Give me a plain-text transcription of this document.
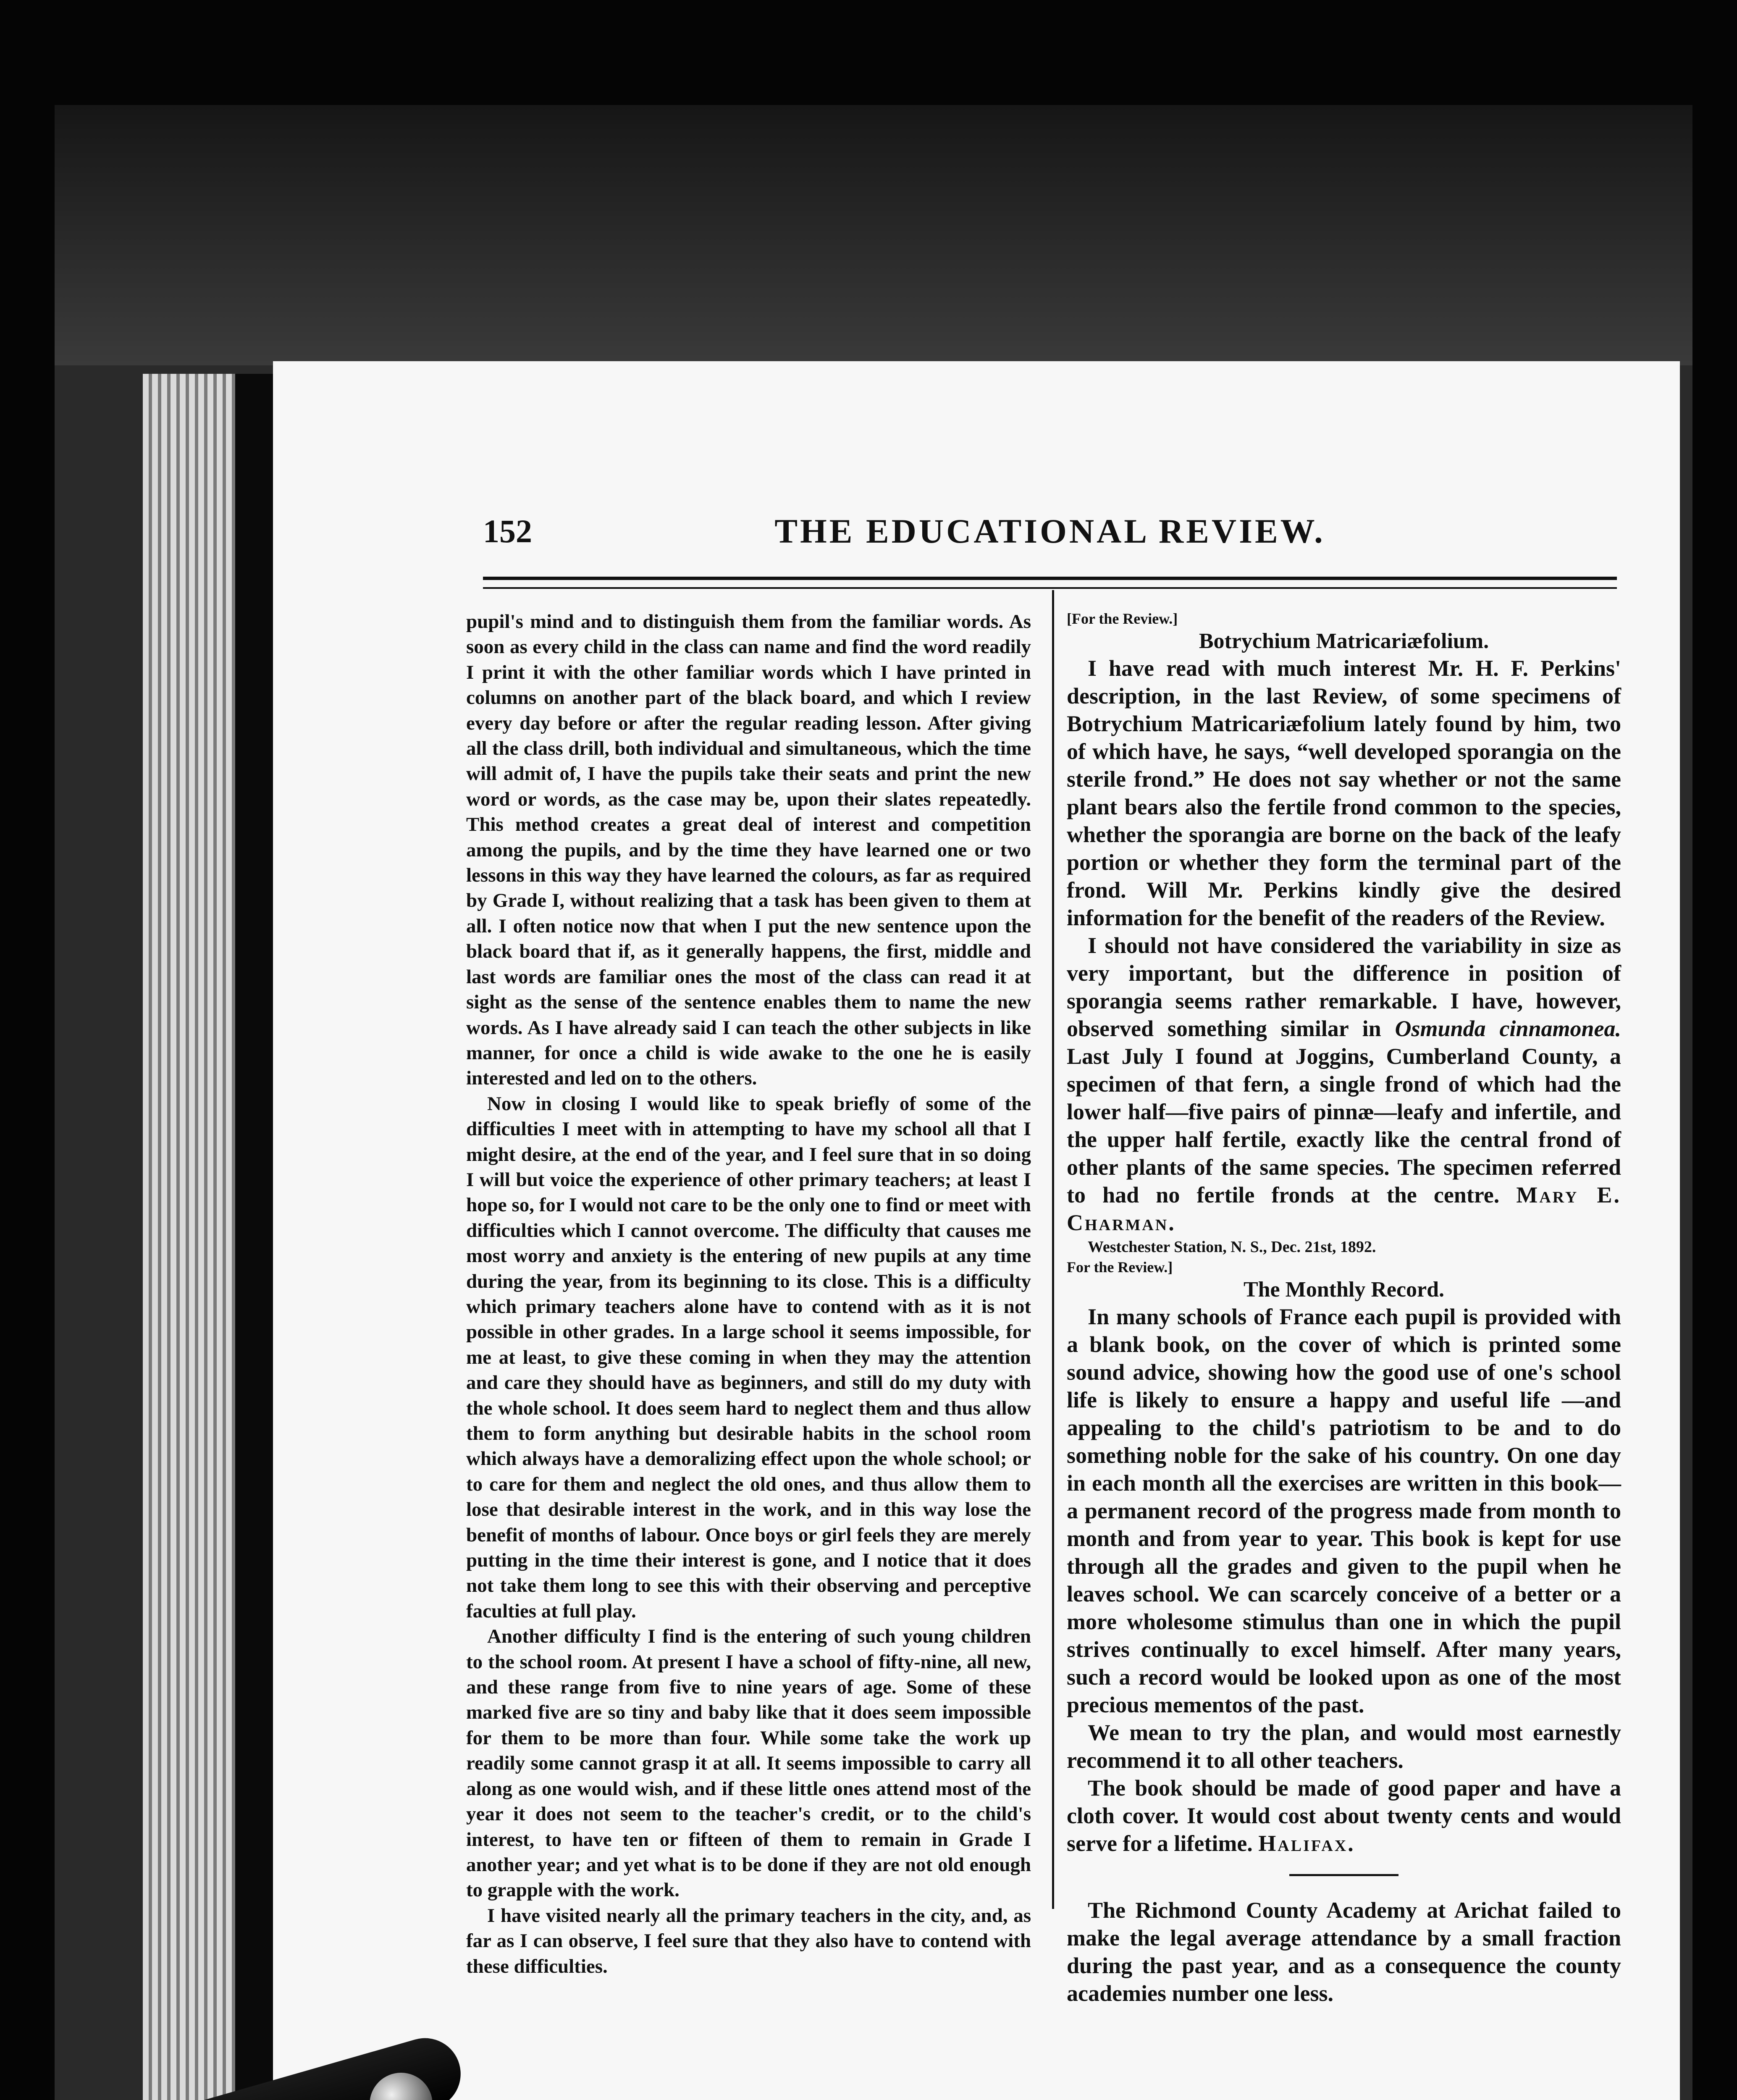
152	THE EDUCATIONAL REVIEW.

pupil's mind and to distinguish them from the familiar words. As soon as every child in the class can name and find the word readily I print it with the other familiar words which I have printed in columns on another part of the black board, and which I review every day before or after the regular reading lesson. After giving all the class drill, both individual and simultaneous, which the time will admit of, I have the pupils take their seats and print the new word or words, as the case may be, upon their slates repeatedly. This method creates a great deal of interest and competition among the pupils, and by the time they have learned one or two lessons in this way they have learned the colours, as far as required by Grade I, without realizing that a task has been given to them at all. I often notice now that when I put the new sentence upon the black board that if, as it generally happens, the first, middle and last words are familiar ones the most of the class can read it at sight as the sense of the sentence enables them to name the new words. As I have already said I can teach the other subjects in like manner, for once a child is wide awake to the one he is easily interested and led on to the others.

Now in closing I would like to speak briefly of some of the difficulties I meet with in attempting to have my school all that I might desire, at the end of the year, and I feel sure that in so doing I will but voice the experience of other primary teachers; at least I hope so, for I would not care to be the only one to find or meet with difficulties which I cannot overcome. The difficulty that causes me most worry and anxiety is the entering of new pupils at any time during the year, from its beginning to its close. This is a difficulty which primary teachers alone have to contend with as it is not possible in other grades. In a large school it seems impossible, for me at least, to give these coming in when they may the attention and care they should have as beginners, and still do my duty with the whole school. It does seem hard to neglect them and thus allow them to form anything but desirable habits in the school room which always have a demoralizing effect upon the whole school; or to care for them and neglect the old ones, and thus allow them to lose that desirable interest in the work, and in this way lose the benefit of months of labour. Once boys or girl feels they are merely putting in the time their interest is gone, and I notice that it does not take them long to see this with their observing and perceptive faculties at full play.

Another difficulty I find is the entering of such young children to the school room. At present I have a school of fifty-nine, all new, and these range from five to nine years of age. Some of these marked five are so tiny and baby like that it does seem impossible for them to be more than four. While some take the work up readily some cannot grasp it at all. It seems impossible to carry all along as one would wish, and if these little ones attend most of the year it does not seem to the teacher's credit, or to the child's interest, to have ten or fifteen of them to remain in Grade I another year; and yet what is to be done if they are not old enough to grapple with the work.

I have visited nearly all the primary teachers in the city, and, as far as I can observe, I feel sure that they also have to contend with these difficulties.

[For the Review.]

Botrychium Matricariæfolium.

I have read with much interest Mr. H. F. Perkins' description, in the last Review, of some specimens of Botrychium Matricariæfolium lately found by him, two of which have, he says, “well developed sporangia on the sterile frond.” He does not say whether or not the same plant bears also the fertile frond common to the species, whether the sporangia are borne on the back of the leafy portion or whether they form the terminal part of the frond. Will Mr. Perkins kindly give the desired information for the benefit of the readers of the Review.

I should not have considered the variability in size as very important, but the difference in position of sporangia seems rather remarkable. I have, however, observed something similar in Osmunda cinnamonea. Last July I found at Joggins, Cumberland County, a specimen of that fern, a single frond of which had the lower half—five pairs of pinnæ—leafy and infertile, and the upper half fertile, exactly like the central frond of other plants of the same species. The specimen referred to had no fertile fronds at the centre. Mary E. Charman.

Westchester Station, N. S., Dec. 21st, 1892.

For the Review.]

The Monthly Record.

In many schools of France each pupil is provided with a blank book, on the cover of which is printed some sound advice, showing how the good use of one's school life is likely to ensure a happy and useful life —and appealing to the child's patriotism to be and to do something noble for the sake of his country. On one day in each month all the exercises are written in this book—a permanent record of the progress made from month to month and from year to year. This book is kept for use through all the grades and given to the pupil when he leaves school. We can scarcely conceive of a better or a more wholesome stimulus than one in which the pupil strives continually to excel himself. After many years, such a record would be looked upon as one of the most precious mementos of the past.

We mean to try the plan, and would most earnestly recommend it to all other teachers.

The book should be made of good paper and have a cloth cover. It would cost about twenty cents and would serve for a lifetime. Halifax.

The Richmond County Academy at Arichat failed to make the legal average attendance by a small fraction during the past year, and as a consequence the county academies number one less.
